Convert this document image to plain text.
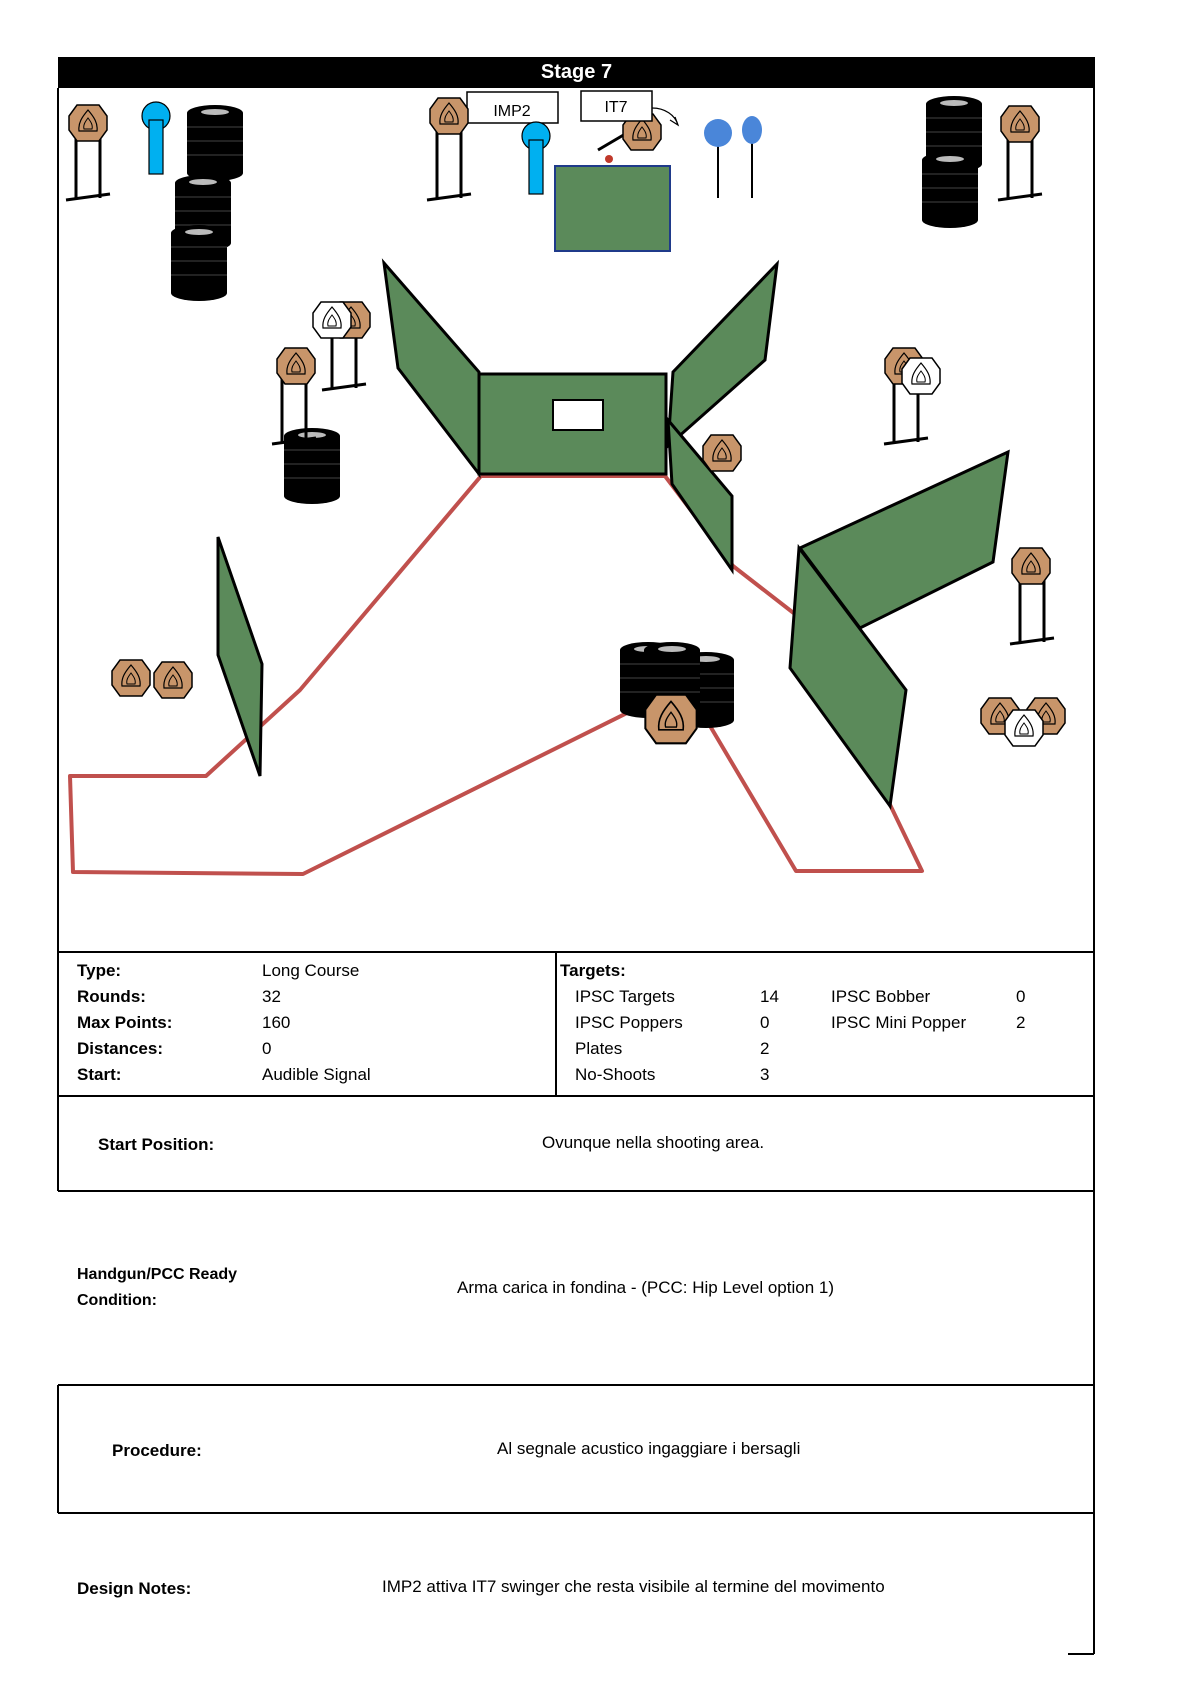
IMP2	IT7
Stage 7
Type:	Long Course
Rounds:	32
Max Points:	160
Distances:	0
Start:	Audible Signal
Targets:
IPSC Targets	14
IPSC Poppers	0
Plates	2
No-Shoots	3
IPSC Bobber	0
IPSC Mini Popper	2
Start Position:	Ovunque nella shooting area.
Handgun/PCC Ready
Condition:
Arma carica in fondina - (PCC: Hip Level option 1)
Procedure:	Al segnale acustico ingaggiare i bersagli
Design Notes:	IMP2 attiva IT7 swinger che resta visibile al termine del movimento
